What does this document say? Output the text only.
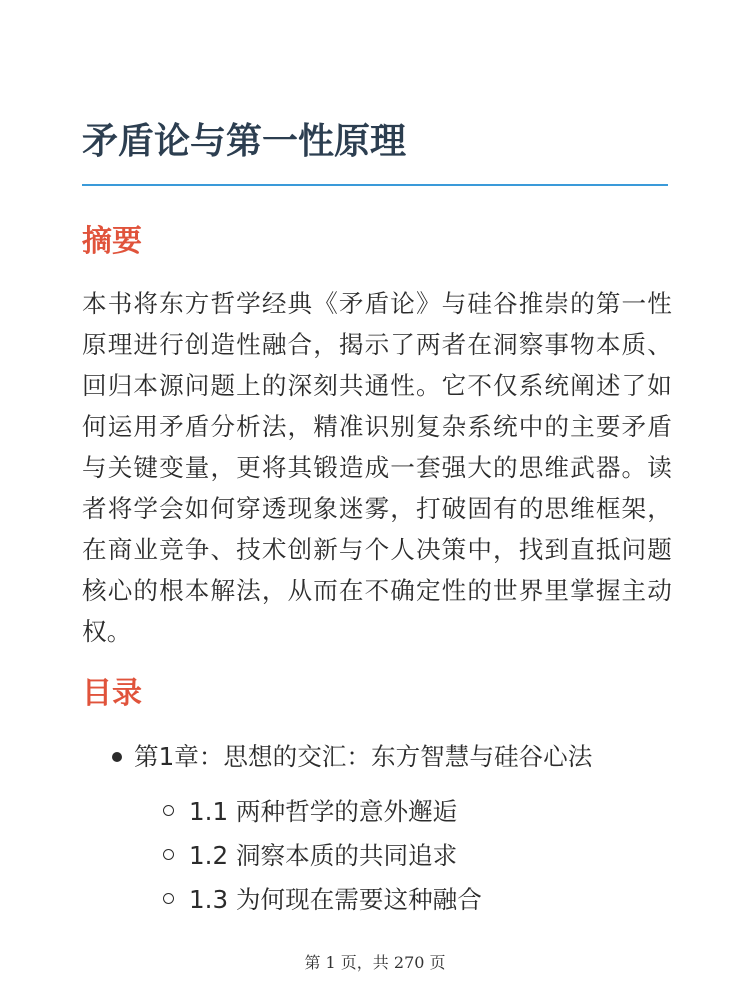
矛盾论与第一性原理
摘要

本书将东方哲学经典《矛盾论》与硅谷推崇的第一性原理进行创造性融合，揭示了两者在洞察事物本质、回归本源问题上的深刻共通性。它不仅系统阐述了如何运用矛盾分析法，精准识别复杂系统中的主要矛盾与关键变量，更将其锻造成一套强大的思维武器。读者将学会如何穿透现象迷雾，打破固有的思维框架，在商业竞争、技术创新与个人决策中，找到直抵问题核心的根本解法，从而在不确定性的世界里掌握主动权。

目录
第1章：思想的交汇：东方智慧与硅谷心法
1.1 两种哲学的意外邂逅
1.2 洞察本质的共同追求
1.3 为何现在需要这种融合
第 1 页，共 270 页
